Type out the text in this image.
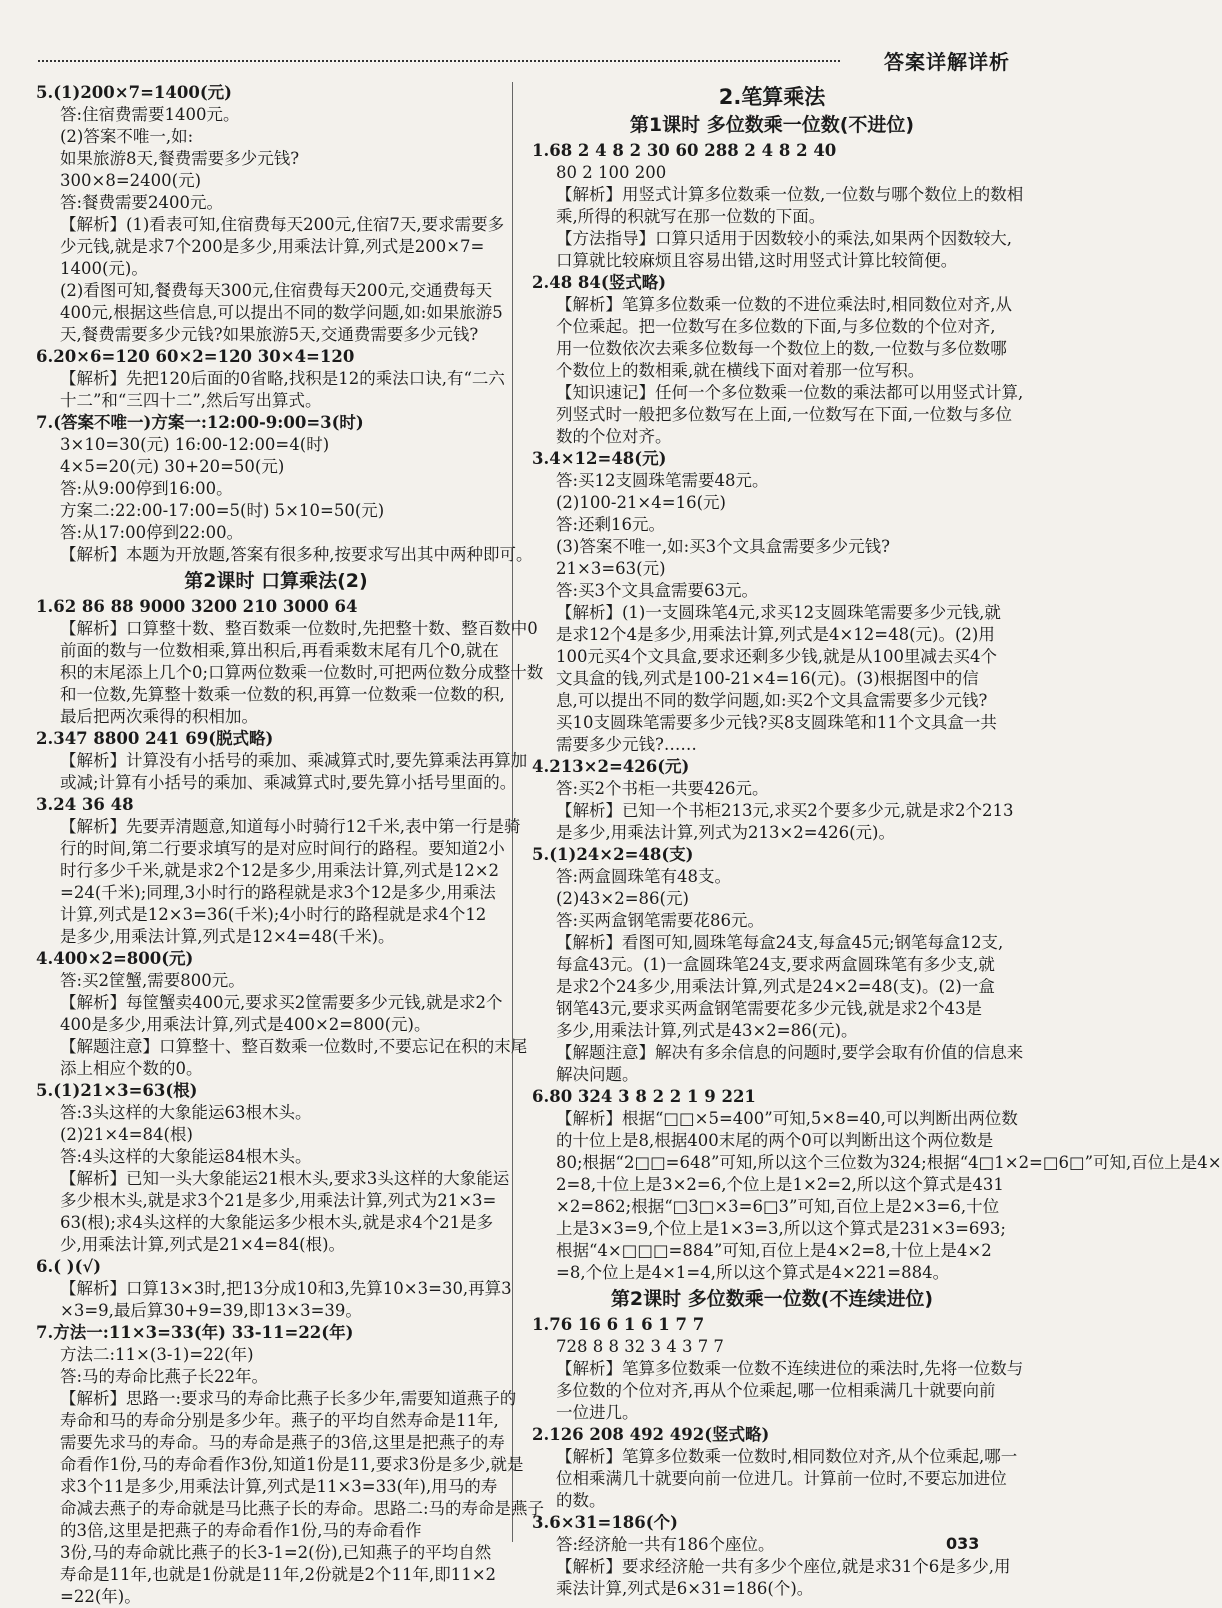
答案详解详析
5.(1)200×7=1400(元)
答:住宿费需要1400元。
(2)答案不唯一,如:
如果旅游8天,餐费需要多少元钱?
300×8=2400(元)
答:餐费需要2400元。
【解析】(1)看表可知,住宿费每天200元,住宿7天,要求需要多
少元钱,就是求7个200是多少,用乘法计算,列式是200×7=
1400(元)。
(2)看图可知,餐费每天300元,住宿费每天200元,交通费每天
400元,根据这些信息,可以提出不同的数学问题,如:如果旅游5
天,餐费需要多少元钱?如果旅游5天,交通费需要多少元钱?
6.20×6=120 60×2=120 30×4=120
【解析】先把120后面的0省略,找积是12的乘法口诀,有“二六
十二”和“三四十二”,然后写出算式。
7.(答案不唯一)方案一:12:00-9:00=3(时)
3×10=30(元) 16:00-12:00=4(时)
4×5=20(元) 30+20=50(元)
答:从9:00停到16:00。
方案二:22:00-17:00=5(时) 5×10=50(元)
答:从17:00停到22:00。
【解析】本题为开放题,答案有很多种,按要求写出其中两种即可。
第2课时 口算乘法(2)
1.62 86 88 9000 3200 210 3000 64
【解析】口算整十数、整百数乘一位数时,先把整十数、整百数中0
前面的数与一位数相乘,算出积后,再看乘数末尾有几个0,就在
积的末尾添上几个0;口算两位数乘一位数时,可把两位数分成整十数
和一位数,先算整十数乘一位数的积,再算一位数乘一位数的积,
最后把两次乘得的积相加。
2.347 8800 241 69(脱式略)
【解析】计算没有小括号的乘加、乘减算式时,要先算乘法再算加
或减;计算有小括号的乘加、乘减算式时,要先算小括号里面的。
3.24 36 48
【解析】先要弄清题意,知道每小时骑行12千米,表中第一行是骑
行的时间,第二行要求填写的是对应时间行的路程。要知道2小
时行多少千米,就是求2个12是多少,用乘法计算,列式是12×2
=24(千米);同理,3小时行的路程就是求3个12是多少,用乘法
计算,列式是12×3=36(千米);4小时行的路程就是求4个12
是多少,用乘法计算,列式是12×4=48(千米)。
4.400×2=800(元)
答:买2筐蟹,需要800元。
【解析】每筐蟹卖400元,要求买2筐需要多少元钱,就是求2个
400是多少,用乘法计算,列式是400×2=800(元)。
【解题注意】口算整十、整百数乘一位数时,不要忘记在积的末尾
添上相应个数的0。
5.(1)21×3=63(根)
答:3头这样的大象能运63根木头。
(2)21×4=84(根)
答:4头这样的大象能运84根木头。
【解析】已知一头大象能运21根木头,要求3头这样的大象能运
多少根木头,就是求3个21是多少,用乘法计算,列式为21×3=
63(根);求4头这样的大象能运多少根木头,就是求4个21是多
少,用乘法计算,列式是21×4=84(根)。
6.( )(√)
【解析】口算13×3时,把13分成10和3,先算10×3=30,再算3
×3=9,最后算30+9=39,即13×3=39。
7.方法一:11×3=33(年) 33-11=22(年)
方法二:11×(3-1)=22(年)
答:马的寿命比燕子长22年。
【解析】思路一:要求马的寿命比燕子长多少年,需要知道燕子的
寿命和马的寿命分别是多少年。燕子的平均自然寿命是11年,
需要先求马的寿命。马的寿命是燕子的3倍,这里是把燕子的寿
命看作1份,马的寿命看作3份,知道1份是11,要求3份是多少,就是
求3个11是多少,用乘法计算,列式是11×3=33(年),用马的寿
命减去燕子的寿命就是马比燕子长的寿命。思路二:马的寿命是燕子
的3倍,这里是把燕子的寿命看作1份,马的寿命看作
3份,马的寿命就比燕子的长3-1=2(份),已知燕子的平均自然
寿命是11年,也就是1份就是11年,2份就是2个11年,即11×2
=22(年)。
2.笔算乘法
第1课时 多位数乘一位数(不进位)
1.68 2 4 8 2 30 60 288 2 4 8 2 40
80 2 100 200
【解析】用竖式计算多位数乘一位数,一位数与哪个数位上的数相
乘,所得的积就写在那一位数的下面。
【方法指导】口算只适用于因数较小的乘法,如果两个因数较大,
口算就比较麻烦且容易出错,这时用竖式计算比较简便。
2.48 84(竖式略)
【解析】笔算多位数乘一位数的不进位乘法时,相同数位对齐,从
个位乘起。把一位数写在多位数的下面,与多位数的个位对齐,
用一位数依次去乘多位数每一个数位上的数,一位数与多位数哪
个数位上的数相乘,就在横线下面对着那一位写积。
【知识速记】任何一个多位数乘一位数的乘法都可以用竖式计算,
列竖式时一般把多位数写在上面,一位数写在下面,一位数与多位
数的个位对齐。
3.4×12=48(元)
答:买12支圆珠笔需要48元。
(2)100-21×4=16(元)
答:还剩16元。
(3)答案不唯一,如:买3个文具盒需要多少元钱?
21×3=63(元)
答:买3个文具盒需要63元。
【解析】(1)一支圆珠笔4元,求买12支圆珠笔需要多少元钱,就
是求12个4是多少,用乘法计算,列式是4×12=48(元)。(2)用
100元买4个文具盒,要求还剩多少钱,就是从100里减去买4个
文具盒的钱,列式是100-21×4=16(元)。(3)根据图中的信
息,可以提出不同的数学问题,如:买2个文具盒需要多少元钱?
买10支圆珠笔需要多少元钱?买8支圆珠笔和11个文具盒一共
需要多少元钱?……
4.213×2=426(元)
答:买2个书柜一共要426元。
【解析】已知一个书柜213元,求买2个要多少元,就是求2个213
是多少,用乘法计算,列式为213×2=426(元)。
5.(1)24×2=48(支)
答:两盒圆珠笔有48支。
(2)43×2=86(元)
答:买两盒钢笔需要花86元。
【解析】看图可知,圆珠笔每盒24支,每盒45元;钢笔每盒12支,
每盒43元。(1)一盒圆珠笔24支,要求两盒圆珠笔有多少支,就
是求2个24多少,用乘法计算,列式是24×2=48(支)。(2)一盒
钢笔43元,要求买两盒钢笔需要花多少元钱,就是求2个43是
多少,用乘法计算,列式是43×2=86(元)。
【解题注意】解决有多余信息的问题时,要学会取有价值的信息来
解决问题。
6.80 324 3 8 2 2 1 9 221
【解析】根据“□□×5=400”可知,5×8=40,可以判断出两位数
的十位上是8,根据400末尾的两个0可以判断出这个两位数是
80;根据“2□□=648”可知,所以这个三位数为324;根据“4□1×2=□6□”可知,百位上是4×
2=8,十位上是3×2=6,个位上是1×2=2,所以这个算式是431
×2=862;根据“□3□×3=6□3”可知,百位上是2×3=6,十位
上是3×3=9,个位上是1×3=3,所以这个算式是231×3=693;
根据“4×□□□=884”可知,百位上是4×2=8,十位上是4×2
=8,个位上是4×1=4,所以这个算式是4×221=884。
第2课时 多位数乘一位数(不连续进位)
1.76 16 6 1 6 1 7 7
728 8 8 32 3 4 3 7 7
【解析】笔算多位数乘一位数不连续进位的乘法时,先将一位数与
多位数的个位对齐,再从个位乘起,哪一位相乘满几十就要向前
一位进几。
2.126 208 492 492(竖式略)
【解析】笔算多位数乘一位数时,相同数位对齐,从个位乘起,哪一
位相乘满几十就要向前一位进几。计算前一位时,不要忘加进位
的数。
3.6×31=186(个)
答:经济舱一共有186个座位。
【解析】要求经济舱一共有多少个座位,就是求31个6是多少,用
乘法计算,列式是6×31=186(个)。
033
